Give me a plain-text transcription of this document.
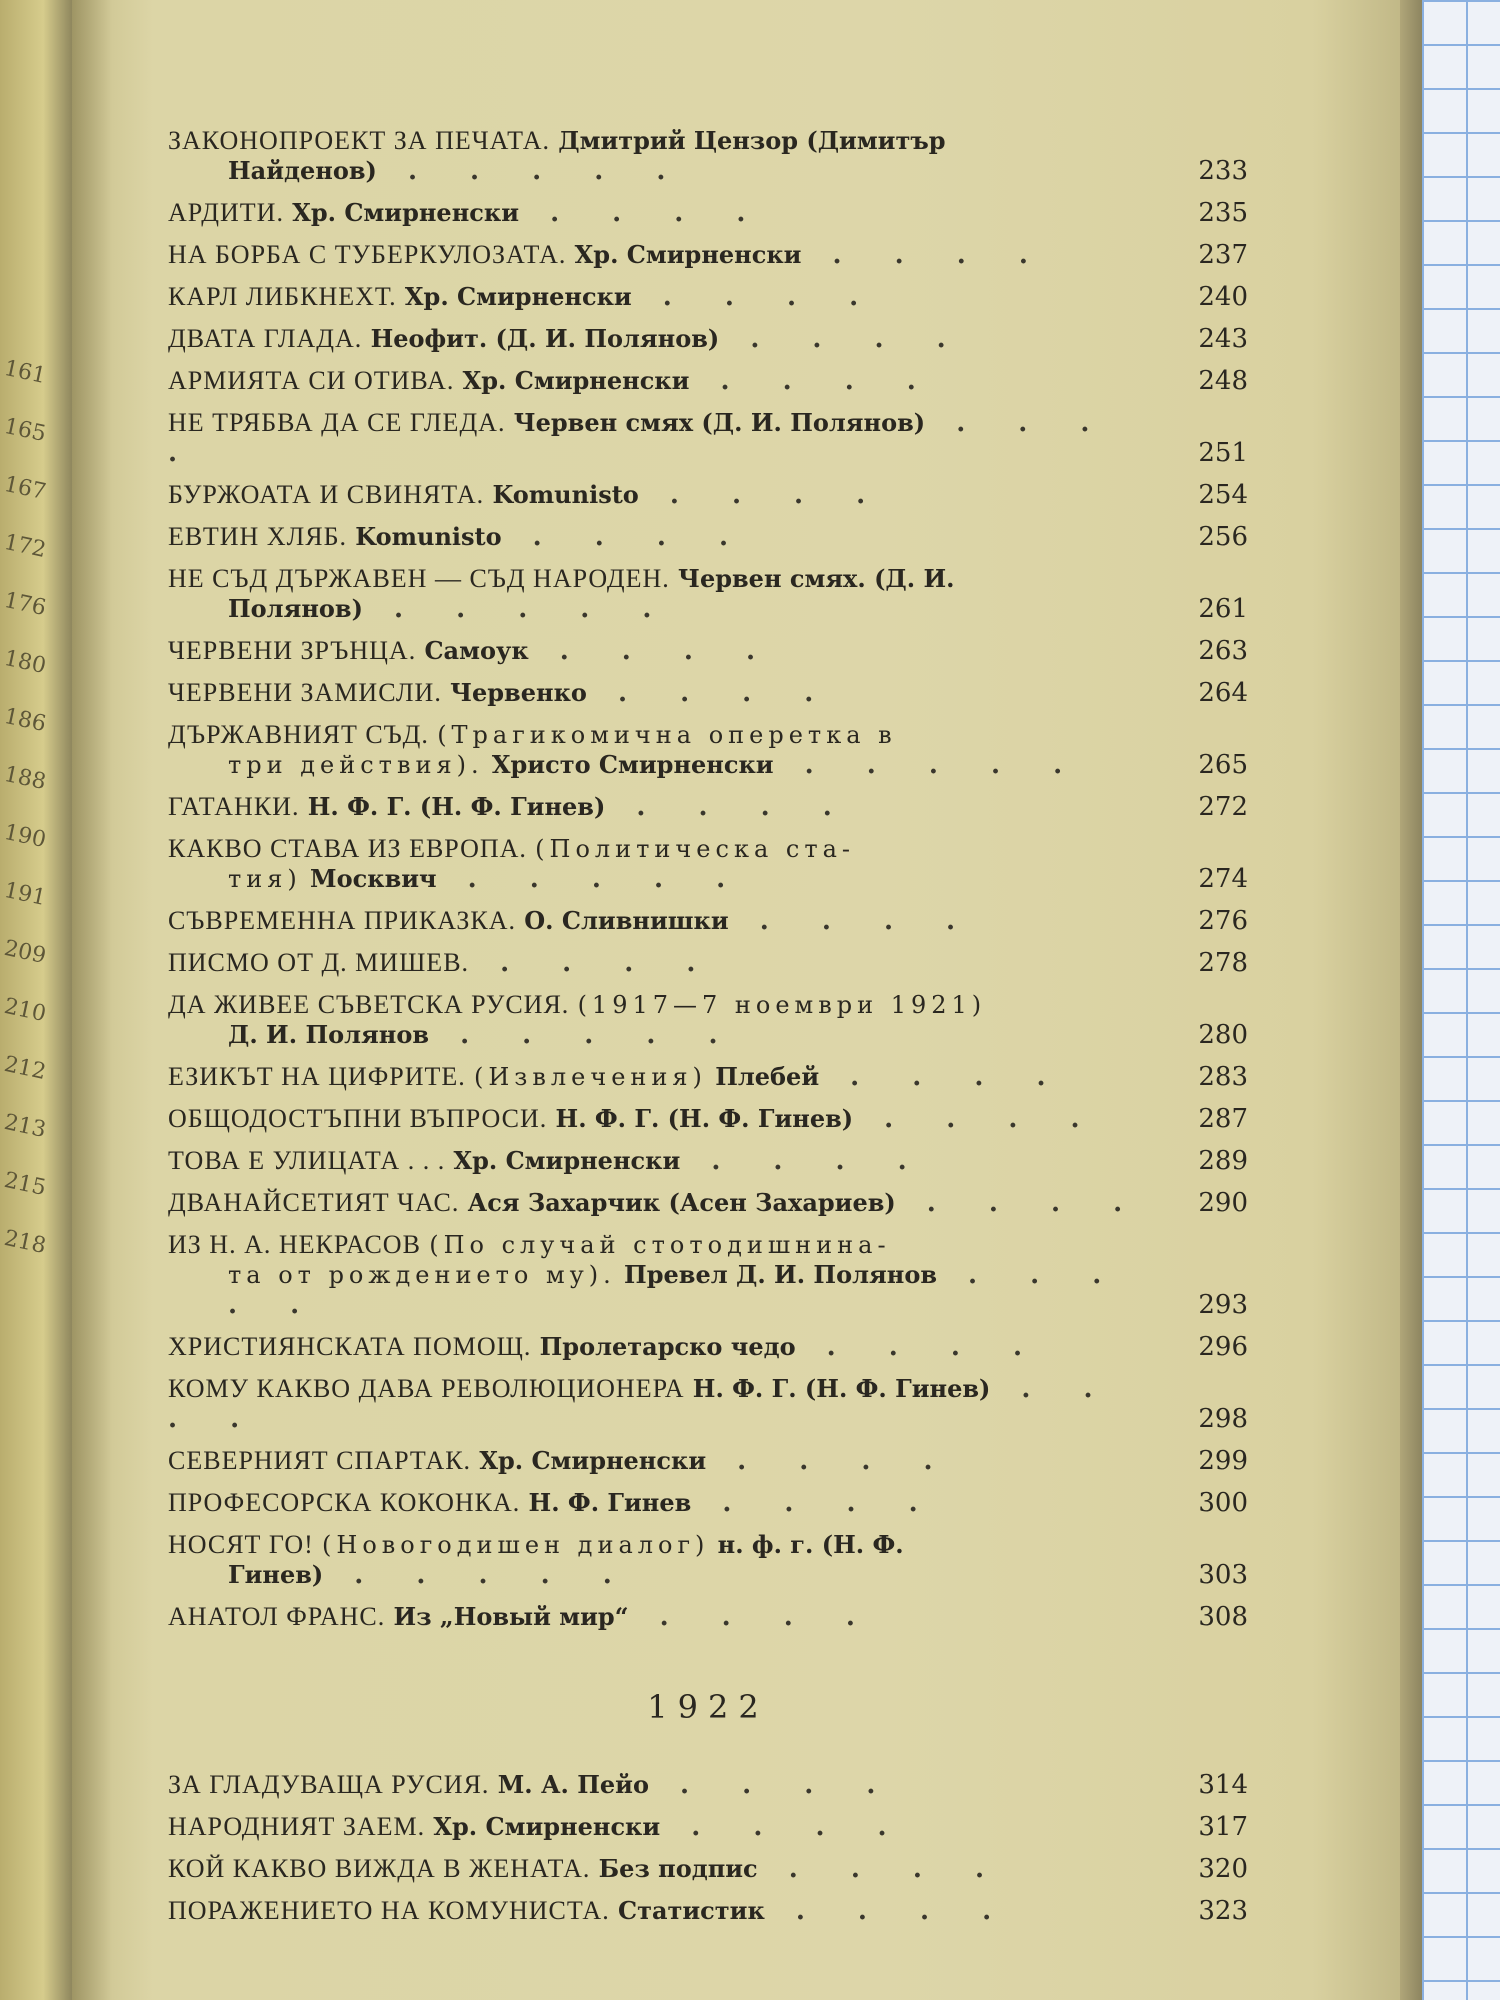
161
165
167
172
176
180
186
188
190
191
209
210
212
213
215
218
ЗАКОНОПРОЕКТ ЗА ПЕЧАТА. Дмитрий Цензор (Димитър
Найденов) . . . . .	233
АРДИТИ. Хр. Смирненски . . . .	235
НА БОРБА С ТУБЕРКУЛОЗАТА. Хр. Смирненски . . . .	237
КАРЛ ЛИБКНЕХТ. Хр. Смирненски . . . .	240
ДВАТА ГЛАДА. Неофит. (Д. И. Полянов) . . . .	243
АРМИЯТА СИ ОТИВА. Хр. Смирненски . . . .	248
НЕ ТРЯБВА ДА СЕ ГЛЕДА. Червен смях (Д. И. Полянов) . . . .	251
БУРЖОАТА И СВИНЯТА. Komunisto . . . .	254
ЕВТИН ХЛЯБ. Komunisto . . . .	256
НЕ СЪД ДЪРЖАВЕН — СЪД НАРОДЕН. Червен смях. (Д. И.
Полянов) . . . . .	261
ЧЕРВЕНИ ЗРЪНЦА. Самоук . . . .	263
ЧЕРВЕНИ ЗАМИСЛИ. Червенко . . . .	264
ДЪРЖАВНИЯТ СЪД. (Трагикомична оперетка в
три действия). Христо Смирненски . . . . .	265
ГАТАНКИ. Н. Ф. Г. (Н. Ф. Гинев) . . . .	272
КАКВО СТАВА ИЗ ЕВРОПА. (Политическа ста-
тия) Москвич . . . . .	274
СЪВРЕМЕННА ПРИКАЗКА. О. Сливнишки . . . .	276
ПИСМО ОТ Д. МИШЕВ. . . . .	278
ДА ЖИВЕЕ СЪВЕТСКА РУСИЯ. (1917—7 ноември 1921)
Д. И. Полянов . . . . .	280
ЕЗИКЪТ НА ЦИФРИТЕ. (Извлечения) Плебей . . . .	283
ОБЩОДОСТЪПНИ ВЪПРОСИ. Н. Ф. Г. (Н. Ф. Гинев) . . . .	287
ТОВА Е УЛИЦАТА . . . Хр. Смирненски . . . .	289
ДВАНАЙСЕТИЯТ ЧАС. Ася Захарчик (Асен Захариев) . . . .	290
ИЗ Н. А. НЕКРАСОВ (По случай стотодишнина-
та от рождението му). Превел Д. И. Полянов . . . . .	293
ХРИСТИЯНСКАТА ПОМОЩ. Пролетарско чедо . . . .	296
КОМУ КАКВО ДАВА РЕВОЛЮЦИОНЕРА Н. Ф. Г. (Н. Ф. Гинев) . . . .	298
СЕВЕРНИЯТ СПАРТАК. Хр. Смирненски . . . .	299
ПРОФЕСОРСКА КОКОНКА. Н. Ф. Гинев . . . .	300
НОСЯТ ГО! (Новогодишен диалог) н. ф. г. (Н. Ф.
Гинев) . . . . .	303
АНАТОЛ ФРАНС. Из „Новый мир“ . . . .	308
1922
ЗА ГЛАДУВАЩА РУСИЯ. М. А. Пейо . . . .	314
НАРОДНИЯТ ЗАЕМ. Хр. Смирненски . . . .	317
КОЙ КАКВО ВИЖДА В ЖЕНАТА. Без подпис . . . .	320
ПОРАЖЕНИЕТО НА КОМУНИСТА. Статистик . . . .	323
